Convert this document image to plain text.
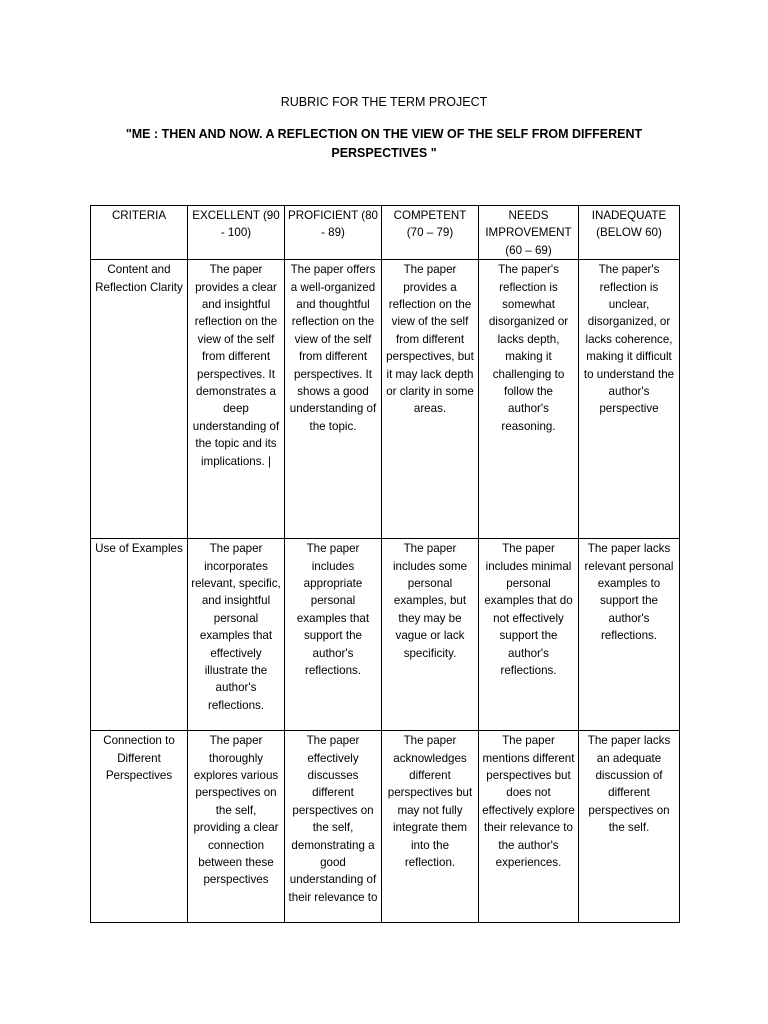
RUBRIC FOR THE TERM PROJECT
"ME : THEN AND NOW. A REFLECTION ON THE VIEW OF THE SELF FROM DIFFERENT PERSPECTIVES "
CRITERIA	EXCELLENT (90 - 100)	PROFICIENT (80 - 89)	COMPETENT (70 – 79)	NEEDS IMPROVEMENT (60 – 69)	INADEQUATE (BELOW 60)
Content and Reflection Clarity	The paper provides a clear and insightful reflection on the view of the self from different perspectives. It demonstrates a deep understanding of the topic and its implications. |	The paper offers a well-organized and thoughtful reflection on the view of the self from different perspectives. It shows a good understanding of the topic.	The paper provides a reflection on the view of the self from different perspectives, but it may lack depth or clarity in some areas.	The paper's reflection is somewhat disorganized or lacks depth, making it challenging to follow the author's reasoning.	The paper's reflection is unclear, disorganized, or lacks coherence, making it difficult to understand the author's perspective
Use of Examples	The paper incorporates relevant, specific, and insightful personal examples that effectively illustrate the author's reflections.	The paper includes appropriate personal examples that support the author's reflections.	The paper includes some personal examples, but they may be vague or lack specificity.	The paper includes minimal personal examples that do not effectively support the author's reflections.	The paper lacks relevant personal examples to support the author's reflections.
Connection to Different Perspectives	The paper thoroughly explores various perspectives on the self, providing a clear connection between these perspectives	The paper effectively discusses different perspectives on the self, demonstrating a good understanding of their relevance to	The paper acknowledges different perspectives but may not fully integrate them into the reflection.	The paper mentions different perspectives but does not effectively explore their relevance to the author's experiences.	The paper lacks an adequate discussion of different perspectives on the self.
